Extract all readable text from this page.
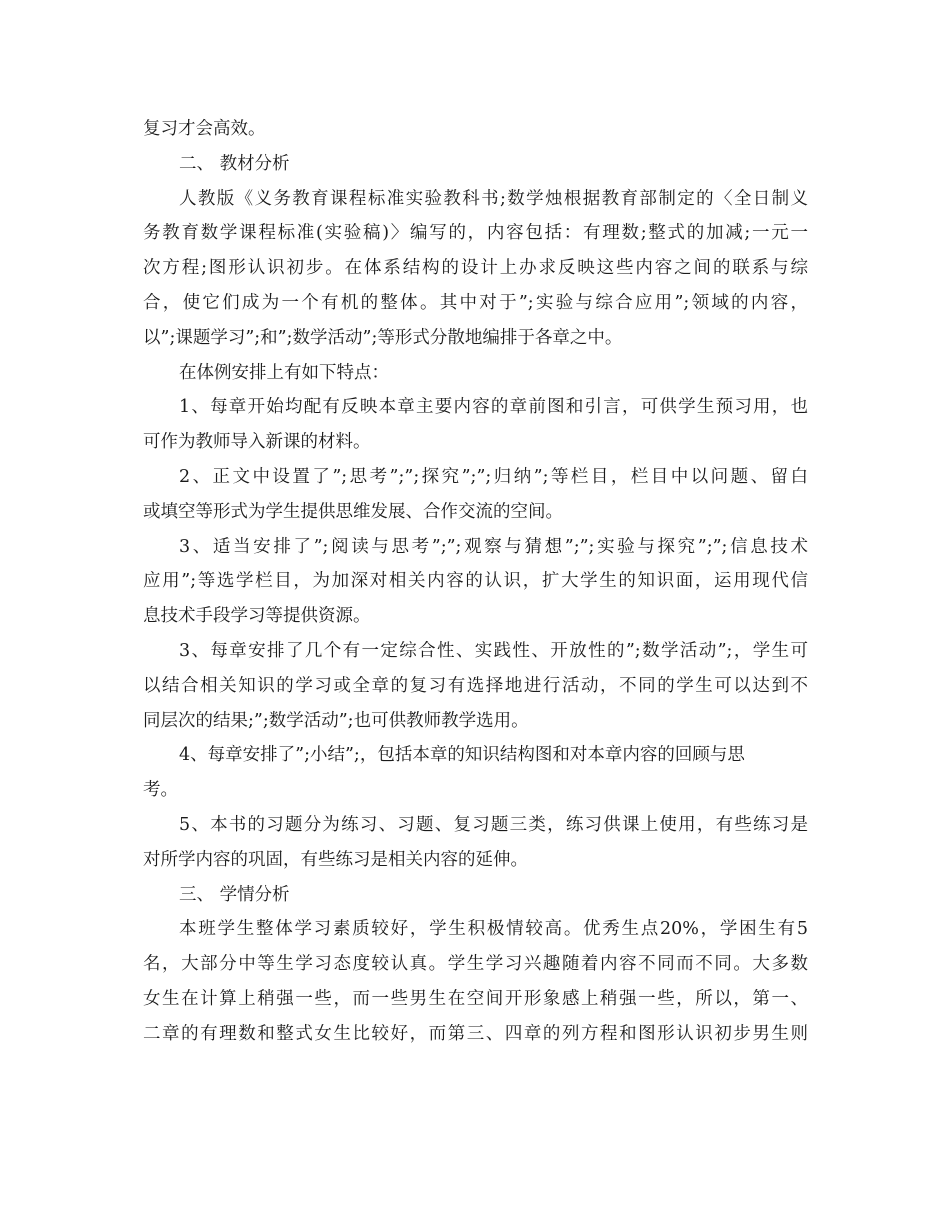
复习才会高效。
二、 教材分析
人教版《义务教育课程标准实验教科书;数学烛根据教育部制定的〈全日制义
务教育数学课程标准(实验稿)〉编写的，内容包括：有理数;整式的加减;一元一
次方程;图形认识初步。在体系结构的设计上办求反映这些内容之间的联系与综
合，使它们成为一个有机的整体。其中对于”;实验与综合应用”;领域的内容，
以”;课题学习”;和”;数学活动”;等形式分散地编排于各章之中。
在体例安排上有如下特点：
1、每章开始均配有反映本章主要内容的章前图和引言，可供学生预习用，也
可作为教师导入新课的材料。
2、正文中设置了”;思考”;”;探究”;”;归纳”;等栏目，栏目中以问题、留白
或填空等形式为学生提供思维发展、合作交流的空间。
3、适当安排了”;阅读与思考”;”;观察与猜想”;”;实验与探究”;”;信息技术
应用”;等选学栏目，为加深对相关内容的认识，扩大学生的知识面，运用现代信
息技术手段学习等提供资源。
3、每章安排了几个有一定综合性、实践性、开放性的”;数学活动”;，学生可
以结合相关知识的学习或全章的复习有选择地进行活动，不同的学生可以达到不
同层次的结果;”;数学活动”;也可供教师教学选用。
4、每章安排了”;小结”;，包括本章的知识结构图和对本章内容的回顾与思
考。
5、本书的习题分为练习、习题、复习题三类，练习供课上使用，有些练习是
对所学内容的巩固，有些练习是相关内容的延伸。
三、 学情分析
本班学生整体学习素质较好，学生积极情较高。优秀生点20%，学困生有5
名，大部分中等生学习态度较认真。学生学习兴趣随着内容不同而不同。大多数
女生在计算上稍强一些，而一些男生在空间开形象感上稍强一些，所以，第一、
二章的有理数和整式女生比较好，而第三、四章的列方程和图形认识初步男生则
